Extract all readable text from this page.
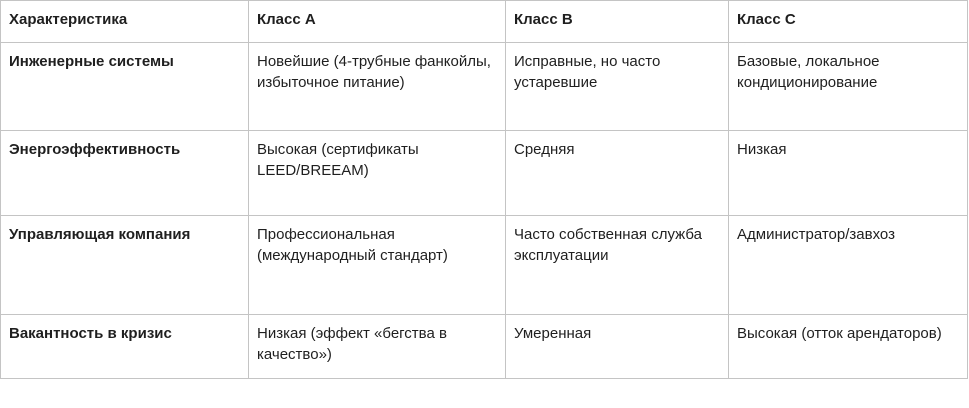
Характеристика	Класс А	Класс B	Класс C
Инженерные системы	Новейшие (4-трубные фанкойлы, избыточное питание)	Исправные, но часто устаревшие	Базовые, локальное кондиционирование
Энергоэффективность	Высокая (сертификаты LEED/BREEAM)	Средняя	Низкая
Управляющая компания	Профессиональная (международный стандарт)	Часто собственная служба эксплуатации	Администратор/завхоз
Вакантность в кризис	Низкая (эффект «бегства в качество»)	Умеренная	Высокая (отток арендаторов)
